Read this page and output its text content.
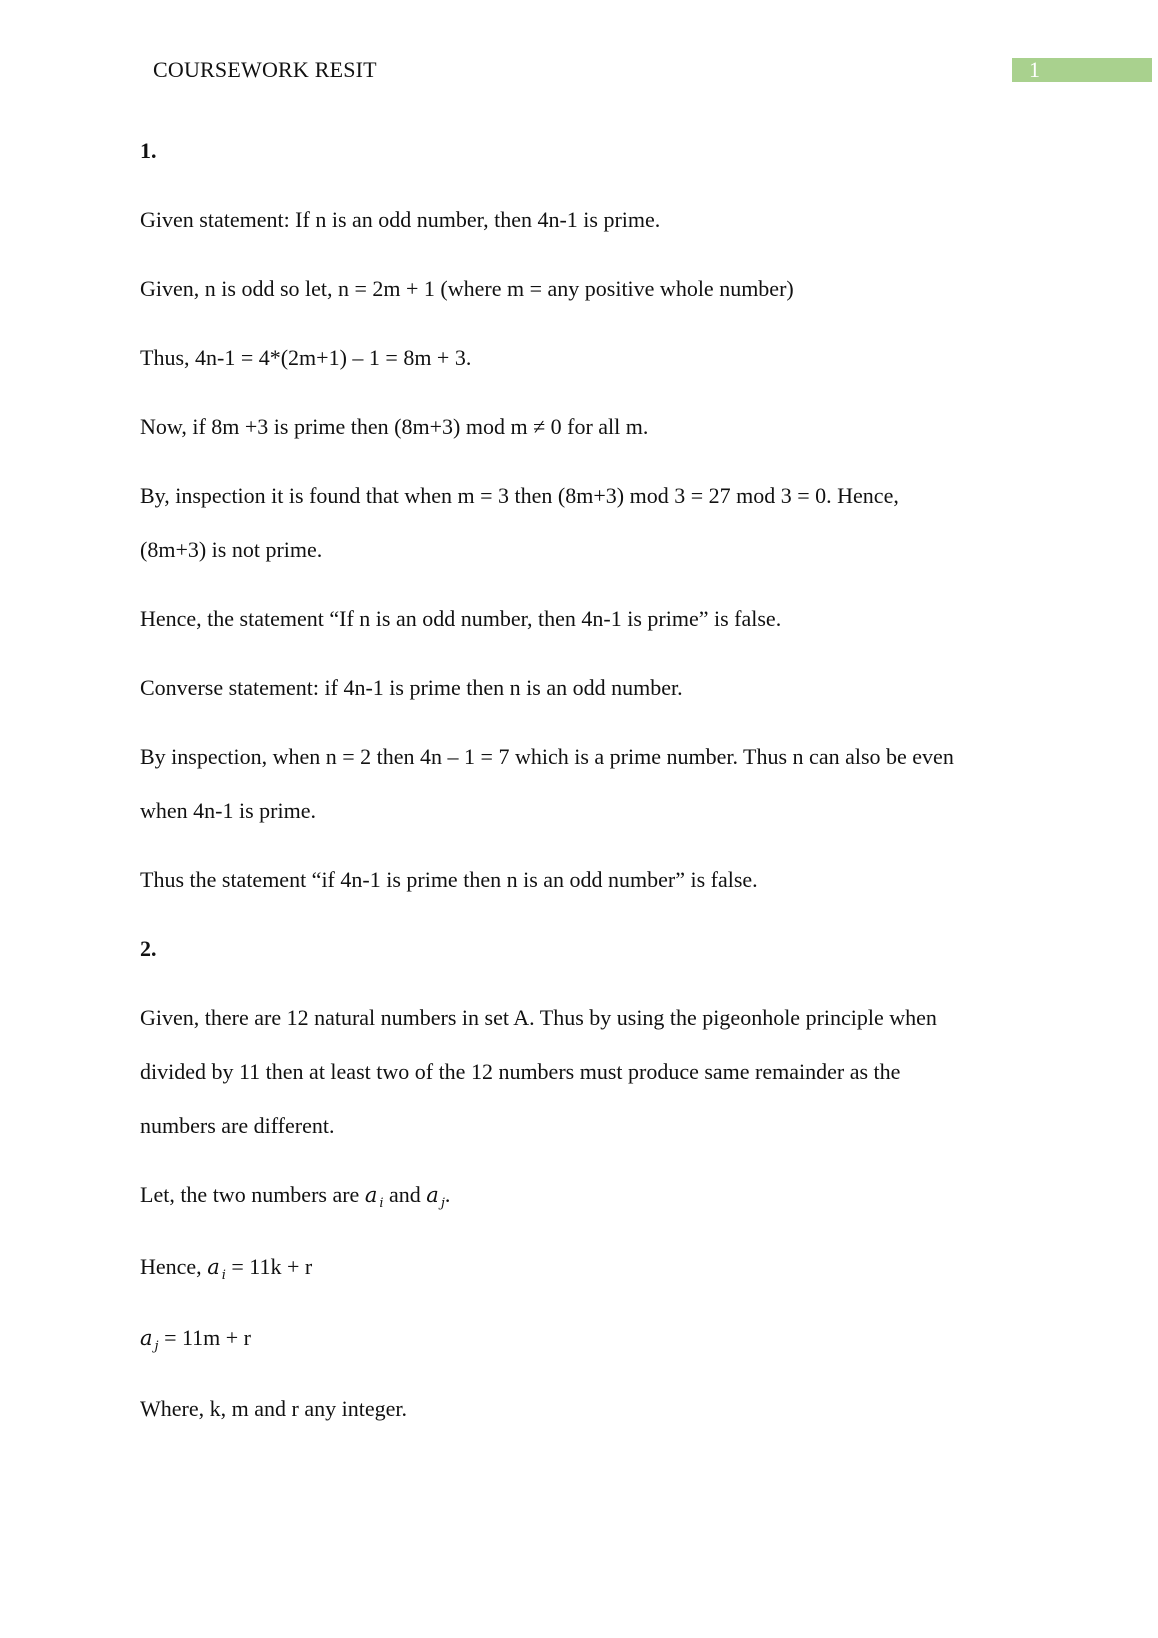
COURSEWORK RESIT	1
1.
Given statement: If n is an odd number, then 4n-1 is prime.
Given, n is odd so let, n = 2m + 1 (where m = any positive whole number)
Thus, 4n-1 = 4*(2m+1) – 1 = 8m + 3.
Now, if 8m +3 is prime then (8m+3) mod m ≠ 0 for all m.
By, inspection it is found that when m = 3 then (8m+3) mod 3 = 27 mod 3 = 0. Hence,
(8m+3) is not prime.
Hence, the statement “If n is an odd number, then 4n-1 is prime” is false.
Converse statement: if 4n-1 is prime then n is an odd number.
By inspection, when n = 2 then 4n – 1 = 7 which is a prime number. Thus n can also be even
when 4n-1 is prime.
Thus the statement “if 4n-1 is prime then n is an odd number” is false.
2.
Given, there are 12 natural numbers in set A. Thus by using the pigeonhole principle when
divided by 11 then at least two of the 12 numbers must produce same remainder as the
numbers are different.
Let, the two numbers are a $_i$ and a $_j$.
Hence, a $_i$ = 11k + r
a $_j$ = 11m + r
Where, k, m and r any integer.
